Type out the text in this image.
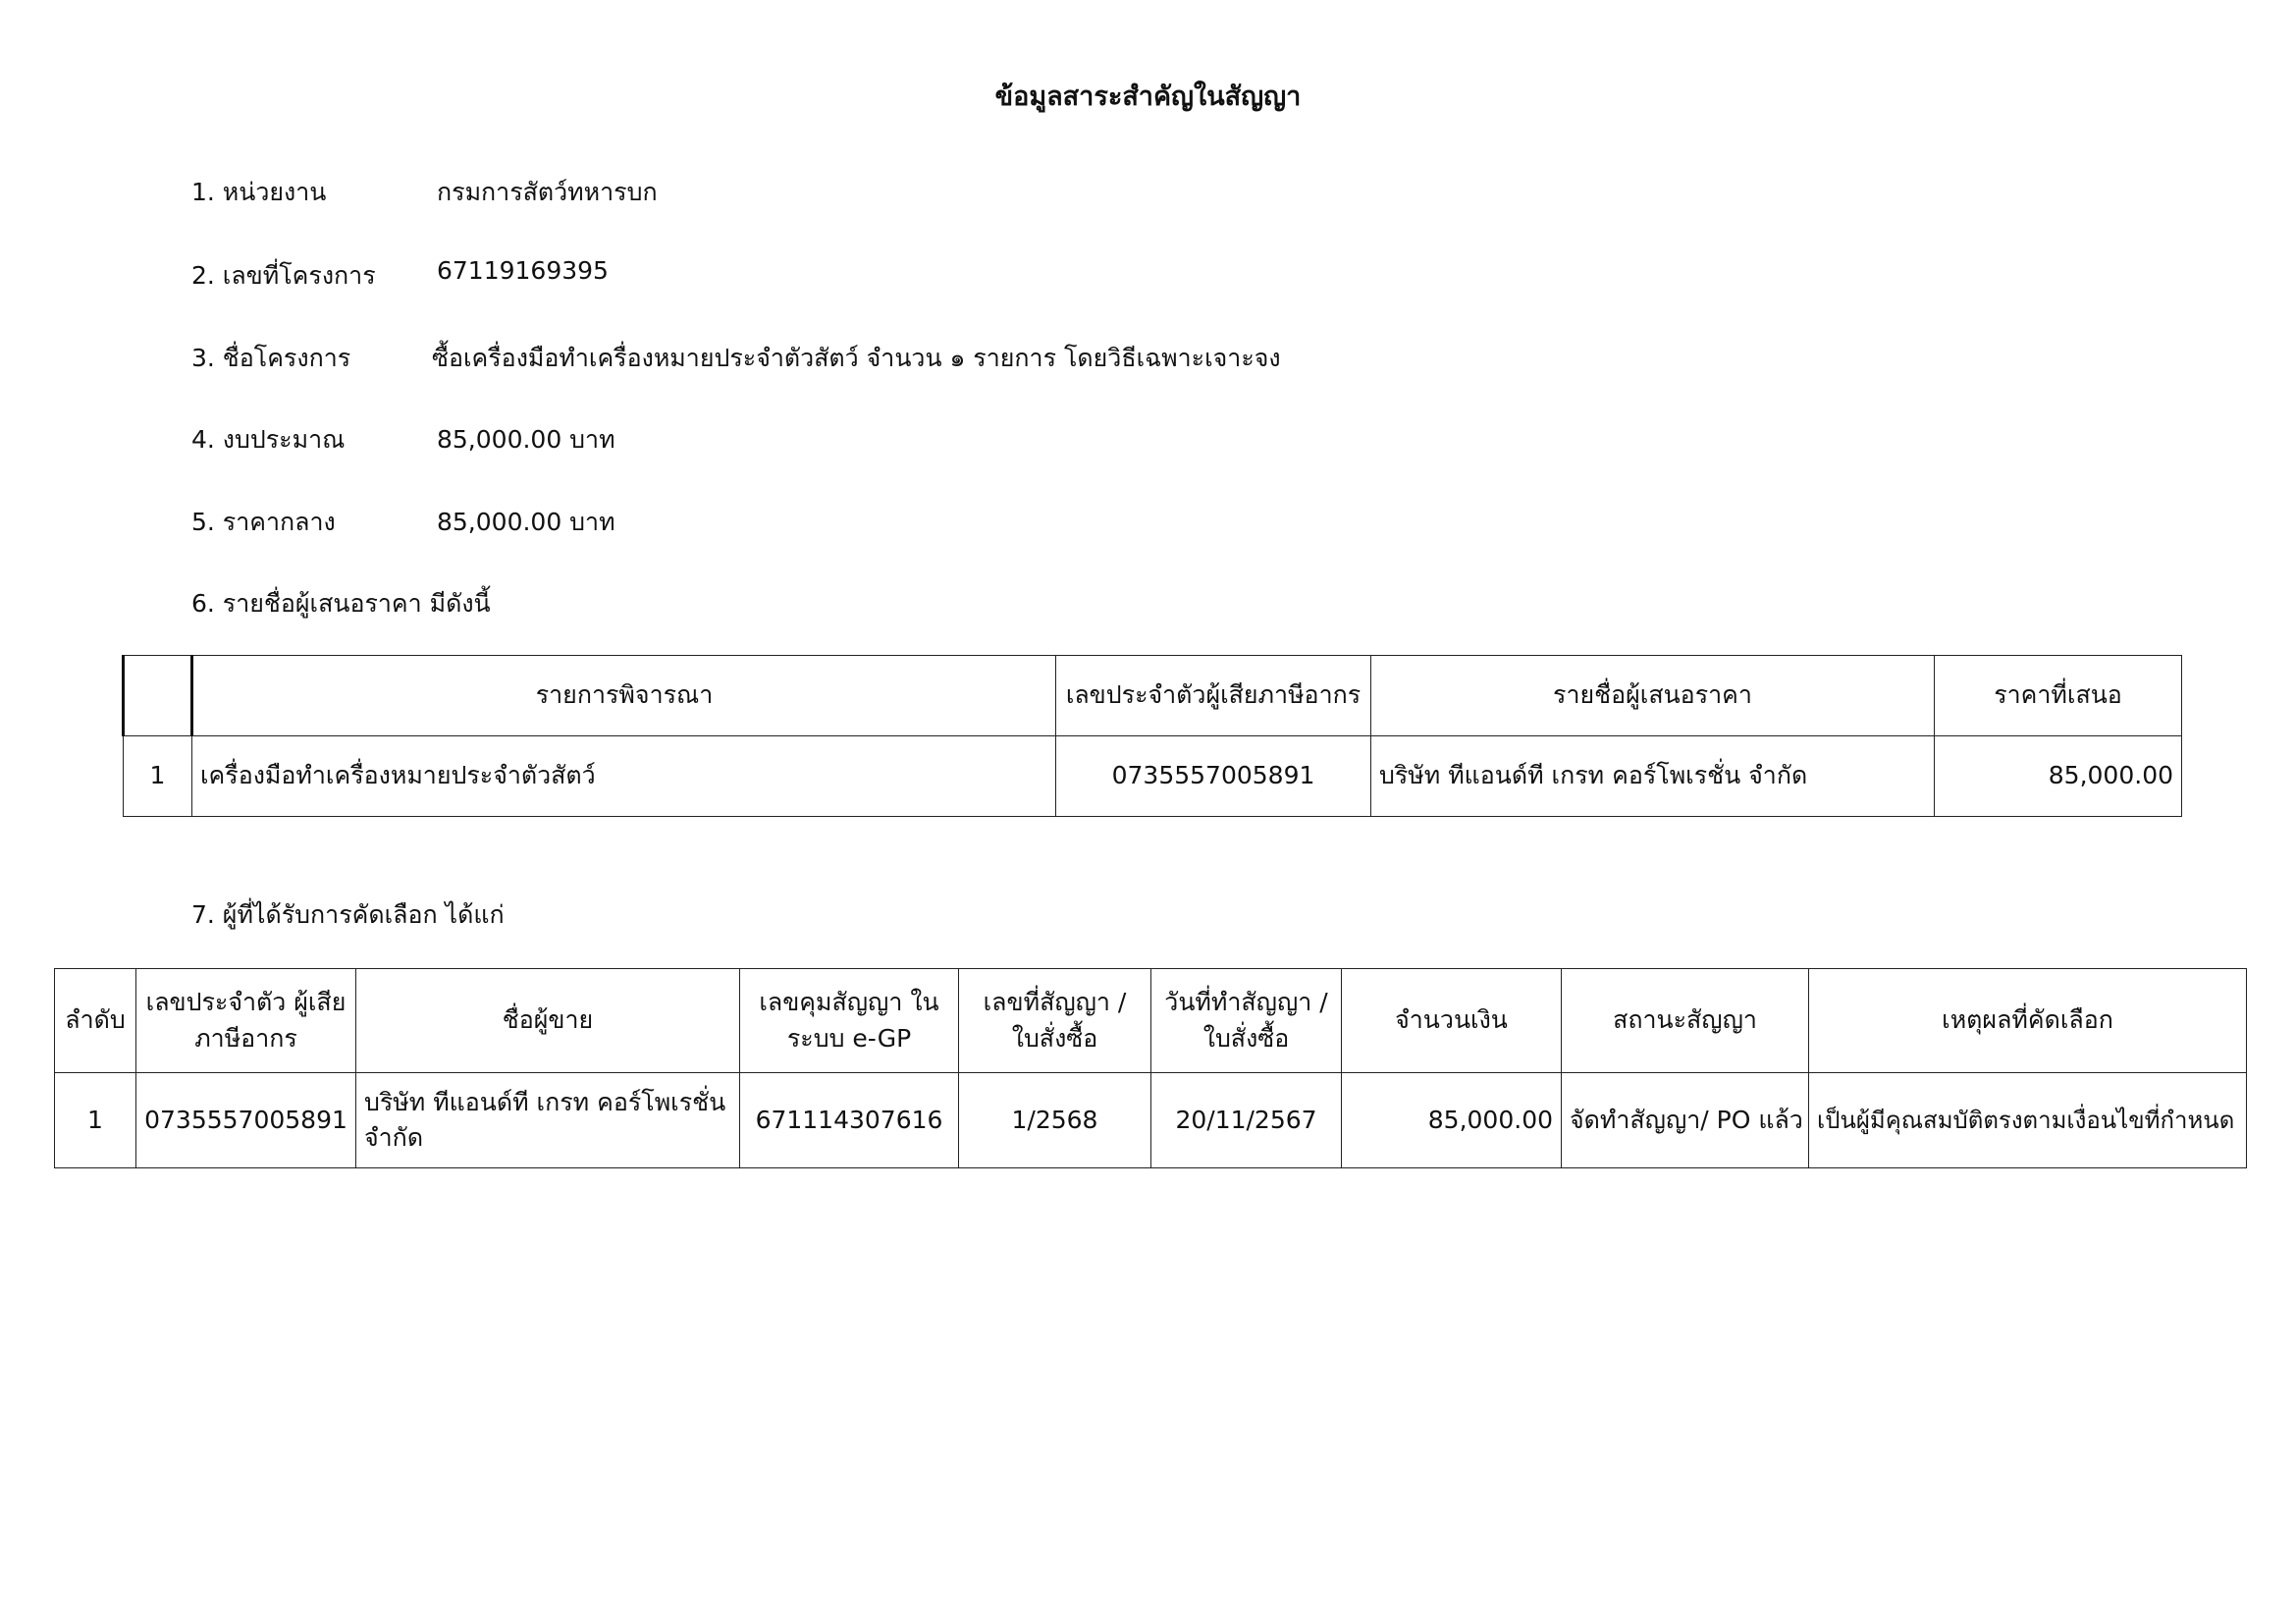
ข้อมูลสาระสำคัญในสัญญา
1. หน่วยงาน	กรมการสัตว์ทหารบก
2. เลขที่โครงการ 67119169395
3. ชื่อโครงการ	ซื้อเครื่องมือทำเครื่องหมายประจำตัวสัตว์ จำนวน ๑ รายการ โดยวิธีเฉพาะเจาะจง
4. งบประมาณ	85,000.00 บาท
5. ราคากลาง	85,000.00 บาท
6. รายชื่อผู้เสนอราคา มีดังนี้
	รายการพิจารณา	เลขประจำตัวผู้เสียภาษีอากร	รายชื่อผู้เสนอราคา	ราคาที่เสนอ
1	เครื่องมือทำเครื่องหมายประจำตัวสัตว์	0735557005891	บริษัท ทีแอนด์ที เกรท คอร์โพเรชั่น จำกัด	85,000.00
7. ผู้ที่ได้รับการคัดเลือก ได้แก่
ลำดับ	เลขประจำตัว ผู้เสียภาษีอากร	ชื่อผู้ขาย	เลขคุมสัญญา ในระบบ e-GP	เลขที่สัญญา / ใบสั่งซื้อ	วันที่ทำสัญญา / ใบสั่งซื้อ	จำนวนเงิน	สถานะสัญญา	เหตุผลที่คัดเลือก
1	0735557005891	บริษัท ทีแอนด์ที เกรท คอร์โพเรชั่น จำกัด	671114307616	1/2568	20/11/2567	85,000.00	จัดทำสัญญา/ PO แล้ว	เป็นผู้มีคุณสมบัติตรงตามเงื่อนไขที่กำหนด
